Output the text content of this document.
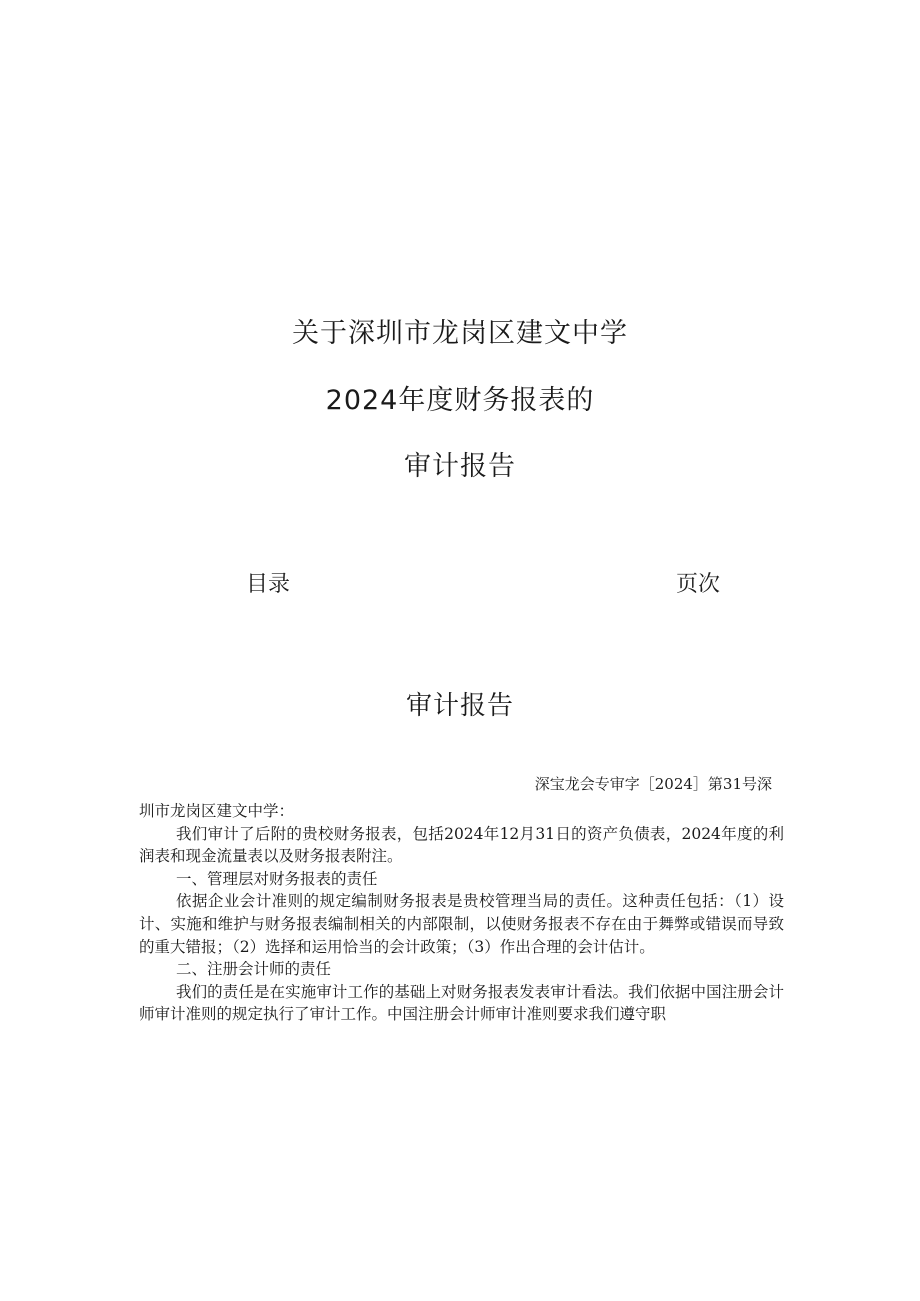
关于深圳市龙岗区建文中学
2024年度财务报表的
审计报告
目录	页次
审计报告
深宝龙会专审字［2024］第31号深

圳市龙岗区建文中学：

我们审计了后附的贵校财务报表，包括2024年12月31日的资产负债表，2024年度的利润表和现金流量表以及财务报表附注。

一、管理层对财务报表的责任

依据企业会计准则的规定编制财务报表是贵校管理当局的责任。这种责任包括：（1）设计、实施和维护与财务报表编制相关的内部限制，以使财务报表不存在由于舞弊或错误而导致的重大错报；（2）选择和运用恰当的会计政策；（3）作出合理的会计估计。

二、注册会计师的责任

我们的责任是在实施审计工作的基础上对财务报表发表审计看法。我们依据中国注册会计师审计准则的规定执行了审计工作。中国注册会计师审计准则要求我们遵守职
